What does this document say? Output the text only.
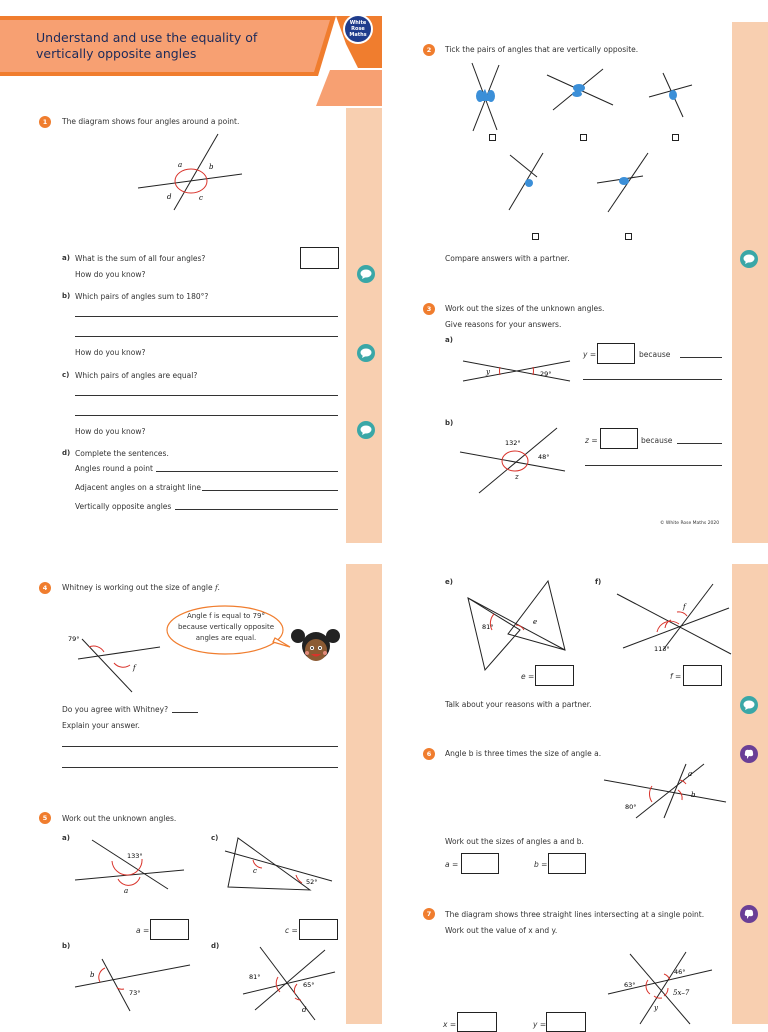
Understand and use the equality of
vertically opposite angles
White
Rose
Maths
1	The diagram shows four angles around a point.
a	b
c
d
a) What is the sum of all four angles?
How do you know?
b) Which pairs of angles sum to 180°?
How do you know?
c) Which pairs of angles are equal?
How do you know?
d) Complete the sentences.
Angles round a point
Adjacent angles on a straight line
Vertically opposite angles
2	Tick the pairs of angles that are vertically opposite.
Compare answers with a partner.
3	Work out the sizes of the unknown angles.
Give reasons for your answers.
a)
y	29°
y =	because
b)
132°
48°
z
z =	because
© White Rose Maths 2020
4	Whitney is working out the size of angle f.
79°
f
Angle f is equal to 79°
because vertically opposite
angles are equal.
Do you agree with Whitney?
Explain your answer.
5	Work out the unknown angles.
a)
133°
a
a =
c)
c
52°
c =
b)
b
73°
d)
81°
65°
d
e)
81°
e
e =
f)
f
113°
f =
Talk about your reasons with a partner.
6	Angle b is three times the size of angle a.
a
b
80°
Work out the sizes of angles a and b.
a =	b =
7	The diagram shows three straight lines intersecting at a single point.
Work out the value of x and y.
63°
46°
5x–7
y
x =	y =
